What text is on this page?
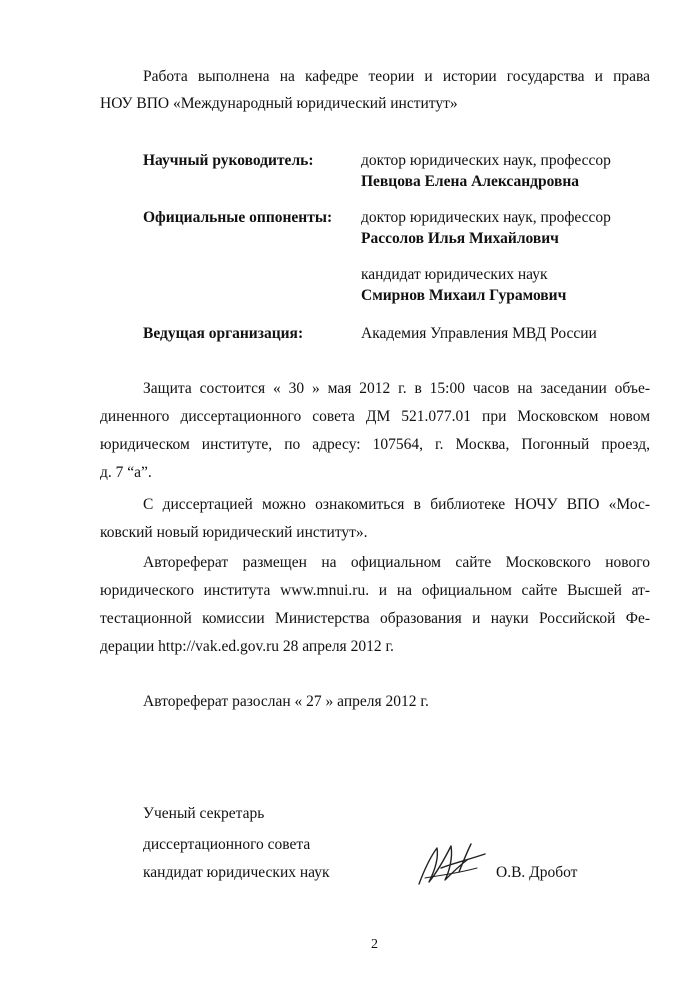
Работа выполнена на кафедре теории и истории государства и права
НОУ ВПО «Международный юридический институт»
Научный руководитель:	доктор юридических наук, профессор
Певцова Елена Александровна
Официальные оппоненты: доктор юридических наук, профессор
Рассолов Илья Михайлович
кандидат юридических наук
Смирнов Михаил Гурамович
Ведущая организация:	Академия Управления МВД России
Защита состоится « 30 » мая 2012 г. в 15:00 часов на заседании объе-
диненного диссертационного совета ДМ 521.077.01 при Московском новом
юридическом институте, по адресу: 107564, г. Москва, Погонный проезд,
д. 7 “а”.
С диссертацией можно ознакомиться в библиотеке НОЧУ ВПО «Мос-
ковский новый юридический институт».
Автореферат размещен на официальном сайте Московского нового
юридического института www.mnui.ru. и на официальном сайте Высшей ат-
тестационной комиссии Министерства образования и науки Российской Фе-
дерации http://vak.ed.gov.ru 28 апреля 2012 г.
Автореферат разослан « 27 » апреля 2012 г.
Ученый секретарь
диссертационного совета
кандидат юридических наук	О.В. Дробот
2
